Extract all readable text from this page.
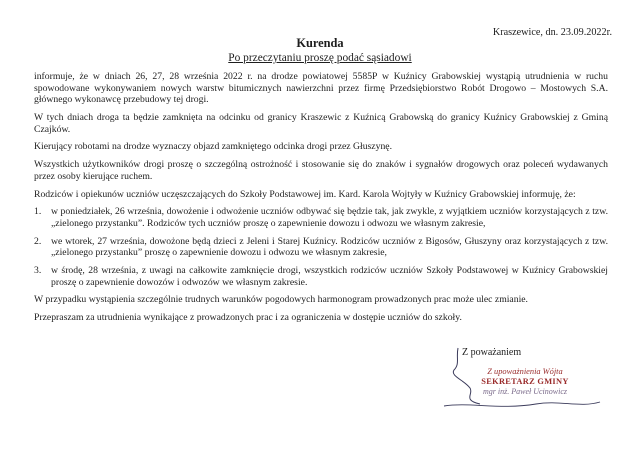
Kraszewice, dn. 23.09.2022r.
Kurenda
Po przeczytaniu proszę podać sąsiadowi

informuje, że w dniach 26, 27, 28 września 2022 r. na drodze powiatowej 5585P w Kuźnicy Grabowskiej wystąpią utrudnienia w ruchu spowodowane wykonywaniem nowych warstw bitumicznych nawierzchni przez firmę Przedsiębiorstwo Robót Drogowo – Mostowych S.A. głównego wykonawcę przebudowy tej drogi.

W tych dniach droga ta będzie zamknięta na odcinku od granicy Kraszewic z Kuźnicą Grabowską do granicy Kuźnicy Grabowskiej z Gminą Czajków.

Kierujący robotami na drodze wyznaczy objazd zamkniętego odcinka drogi przez Głuszynę.

Wszystkich użytkowników drogi proszę o szczególną ostrożność i stosowanie się do znaków i sygnałów drogowych oraz poleceń wydawanych przez osoby kierujące ruchem.

Rodziców i opiekunów uczniów uczęszczających do Szkoły Podstawowej im. Kard. Karola Wojtyły w Kuźnicy Grabowskiej informuję, że:

1. w poniedziałek, 26 września, dowożenie i odwożenie uczniów odbywać się będzie tak, jak zwykle, z wyjątkiem uczniów korzystających z tzw. „zielonego przystanku”. Rodziców tych uczniów proszę o zapewnienie dowozu i odwozu we własnym zakresie,
2. we wtorek, 27 września, dowożone będą dzieci z Jeleni i Starej Kuźnicy. Rodziców uczniów z Bigosów, Głuszyny oraz korzystających z tzw. „zielonego przystanku” proszę o zapewnienie dowozu i odwozu we własnym zakresie,
3. w środę, 28 września, z uwagi na całkowite zamknięcie drogi, wszystkich rodziców uczniów Szkoły Podstawowej w Kuźnicy Grabowskiej proszę o zapewnienie dowozów i odwozów we własnym zakresie.

W przypadku wystąpienia szczególnie trudnych warunków pogodowych harmonogram prowadzonych prac może ulec zmianie.

Przepraszam za utrudnienia wynikające z prowadzonych prac i za ograniczenia w dostępie uczniów do szkoły.

Z poważaniem
Z upoważnienia Wójta
SEKRETARZ GMINY
mgr inż. Paweł Ucinowicz
